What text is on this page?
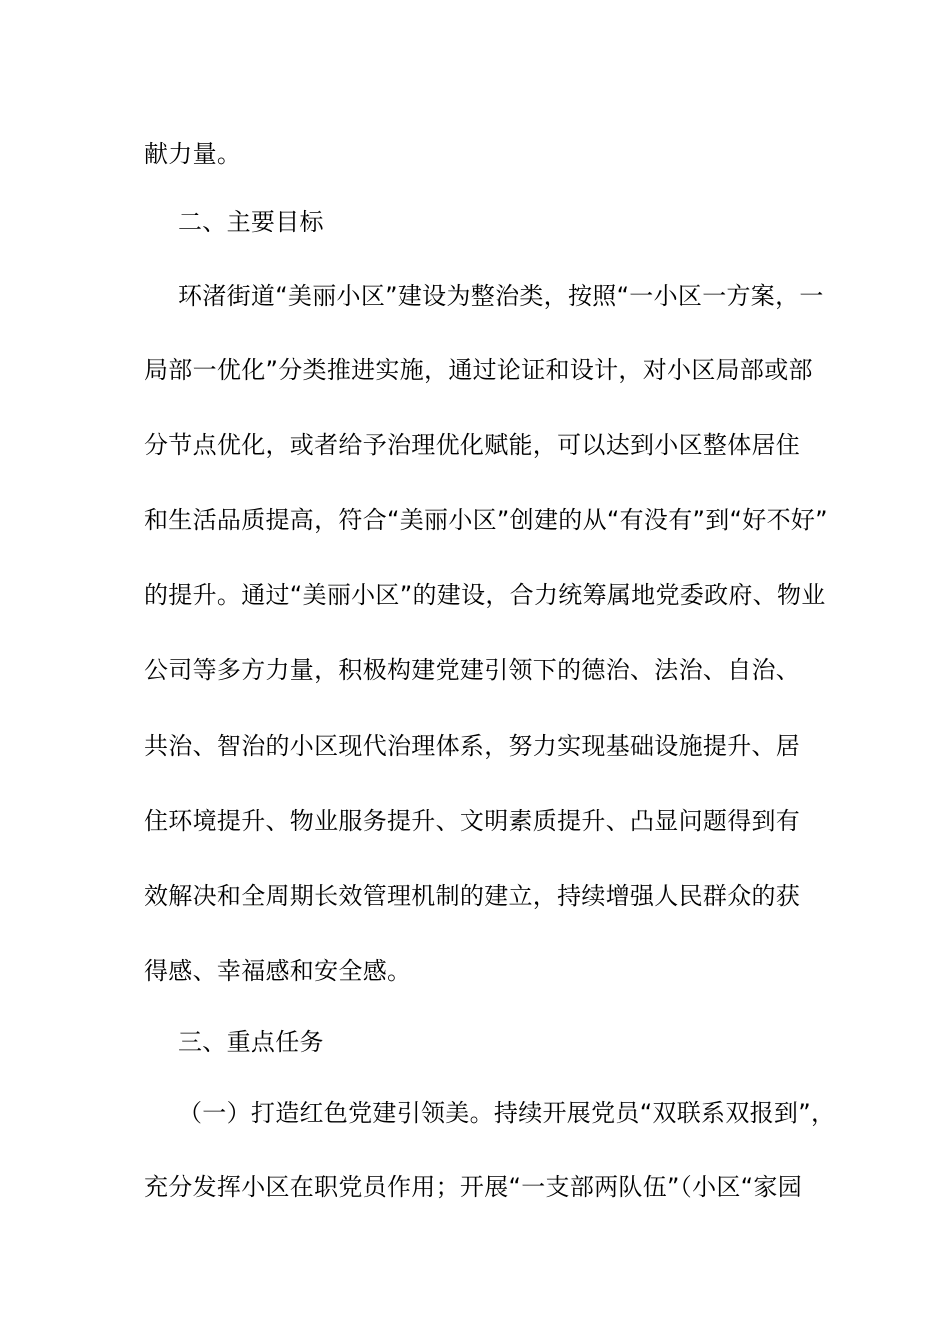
献力量。
二、主要目标
环渚街道“美丽小区”建设为整治类，按照“一小区一方案，一
局部一优化”分类推进实施，通过论证和设计，对小区局部或部
分节点优化，或者给予治理优化赋能，可以达到小区整体居住
和生活品质提高，符合“美丽小区”创建的从“有没有”到“好不好”
的提升。通过“美丽小区”的建设，合力统筹属地党委政府、物业
公司等多方力量，积极构建党建引领下的德治、法治、自治、
共治、智治的小区现代治理体系，努力实现基础设施提升、居
住环境提升、物业服务提升、文明素质提升、凸显问题得到有
效解决和全周期长效管理机制的建立，持续增强人民群众的获
得感、幸福感和安全感。
三、重点任务
（一）打造红色党建引领美。持续开展党员“双联系双报到”，
充分发挥小区在职党员作用；开展“一支部两队伍”（小区“家园
